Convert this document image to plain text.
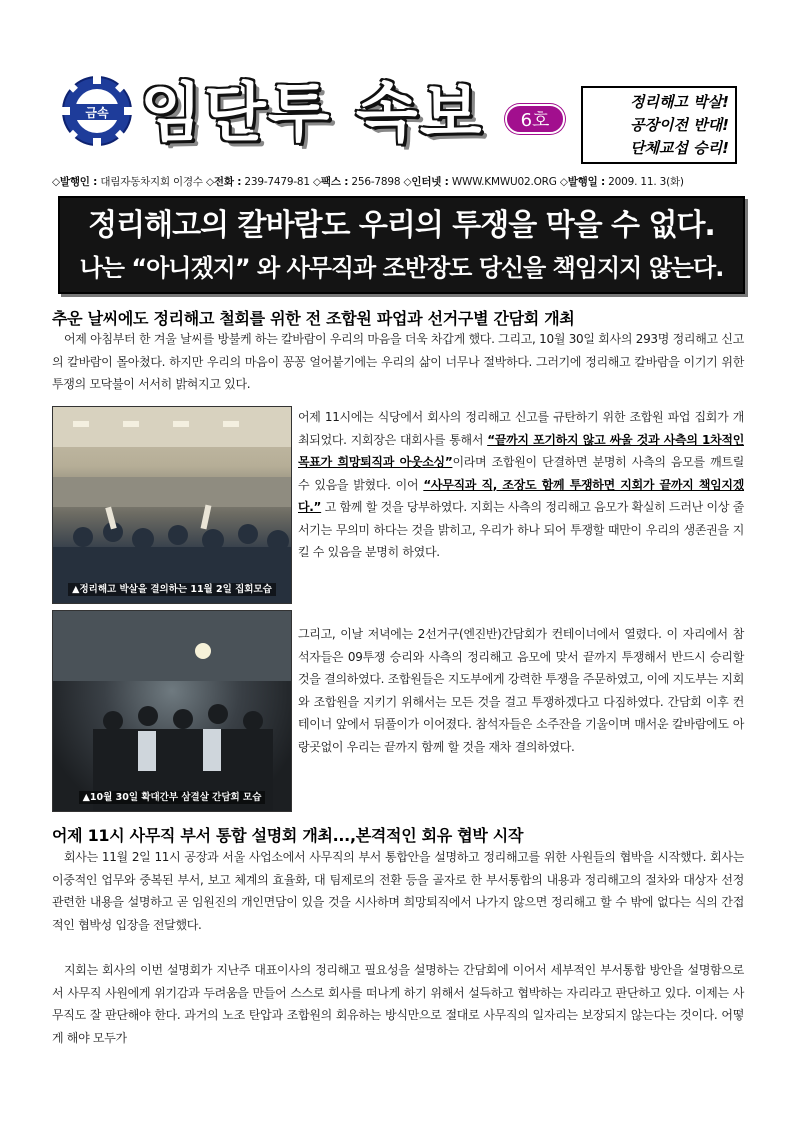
금속 임단투 속보	6호
정리해고 박살!
공장이전 반대!
단체교섭 승리!
◇발행인 : 대림자동차지회 이경수 ◇전화 : 239-7479-81 ◇팩스 : 256-7898 ◇인터넷 : WWW.KMWU02.ORG ◇발행일 : 2009. 11. 3(화)
정리해고의 칼바람도 우리의 투쟁을 막을 수 없다.
나는 “아니겠지” 와 사무직과 조반장도 당신을 책임지지 않는다.
추운 날씨에도 정리해고 철회를 위한 전 조합원 파업과 선거구별 간담회 개최
어제 아침부터 한 겨울 날씨를 방불케 하는 칼바람이 우리의 마음을 더욱 차갑게 했다. 그리고, 10월 30일 회사의 293명 정리해고 신고의 칼바람이 몰아쳤다. 하지만 우리의 마음이 꽁꽁 얼어붙기에는 우리의 삶이 너무나 절박하다. 그러기에 정리해고 칼바람을 이기기 위한 투쟁의 모닥불이 서서히 밝혀지고 있다.
▲정리해고 박살을 결의하는 11월 2일 집회모습
▲10월 30일 확대간부 삼결살 간담회 모습
어제 11시에는 식당에서 회사의 정리해고 신고를 규탄하기 위한 조합원 파업 집회가 개최되었다. 지회장은 대회사를 통해서 “끝까지 포기하지 않고 싸울 것과 사측의 1차적인 목표가 희망퇴직과 아웃소싱”이라며 조합원이 단결하면 분명히 사측의 음모를 깨트릴 수 있음을 밝혔다. 이어 “사무직과 직, 조장도 함께 투쟁하면 지회가 끝까지 책임지겠다.” 고 함께 할 것을 당부하였다. 지회는 사측의 정리해고 음모가 확실히 드러난 이상 줄서기는 무의미 하다는 것을 밝히고, 우리가 하나 되어 투쟁할 때만이 우리의 생존권을 지킬 수 있음을 분명히 하였다.
그리고, 이날 저녁에는 2선거구(엔진반)간담회가 컨테이너에서 열렸다. 이 자리에서 참석자들은 09투쟁 승리와 사측의 정리해고 음모에 맞서 끝까지 투쟁해서 반드시 승리할 것을 결의하였다. 조합원들은 지도부에게 강력한 투쟁을 주문하였고, 이에 지도부는 지회와 조합원을 지키기 위해서는 모든 것을 걸고 투쟁하겠다고 다짐하였다. 간담회 이후 컨테이너 앞에서 뒤풀이가 이어졌다. 참석자들은 소주잔을 기울이며 매서운 칼바람에도 아랑곳없이 우리는 끝까지 함께 할 것을 재차 결의하였다.
어제 11시 사무직 부서 통합 설명회 개최...,본격적인 회유 협박 시작
회사는 11월 2일 11시 공장과 서울 사업소에서 사무직의 부서 통합안을 설명하고 정리해고를 위한 사원들의 협박을 시작했다. 회사는 이중적인 업무와 중복된 부서, 보고 체계의 효율화, 대 팀제로의 전환 등을 골자로 한 부서통합의 내용과 정리해고의 절차와 대상자 선정 관련한 내용을 설명하고 곧 임원진의 개인면담이 있을 것을 시사하며 희망퇴직에서 나가지 않으면 정리해고 할 수 밖에 없다는 식의 간접적인 협박성 입장을 전달했다.
지회는 회사의 이번 설명회가 지난주 대표이사의 정리해고 필요성을 설명하는 간담회에 이어서 세부적인 부서통합 방안을 설명함으로서 사무직 사원에게 위기감과 두려움을 만들어 스스로 회사를 떠나게 하기 위해서 설득하고 협박하는 자리라고 판단하고 있다. 이제는 사무직도 잘 판단해야 한다. 과거의 노조 탄압과 조합원의 회유하는 방식만으로 절대로 사무직의 일자리는 보장되지 않는다는 것이다. 어떻게 해야 모두가
